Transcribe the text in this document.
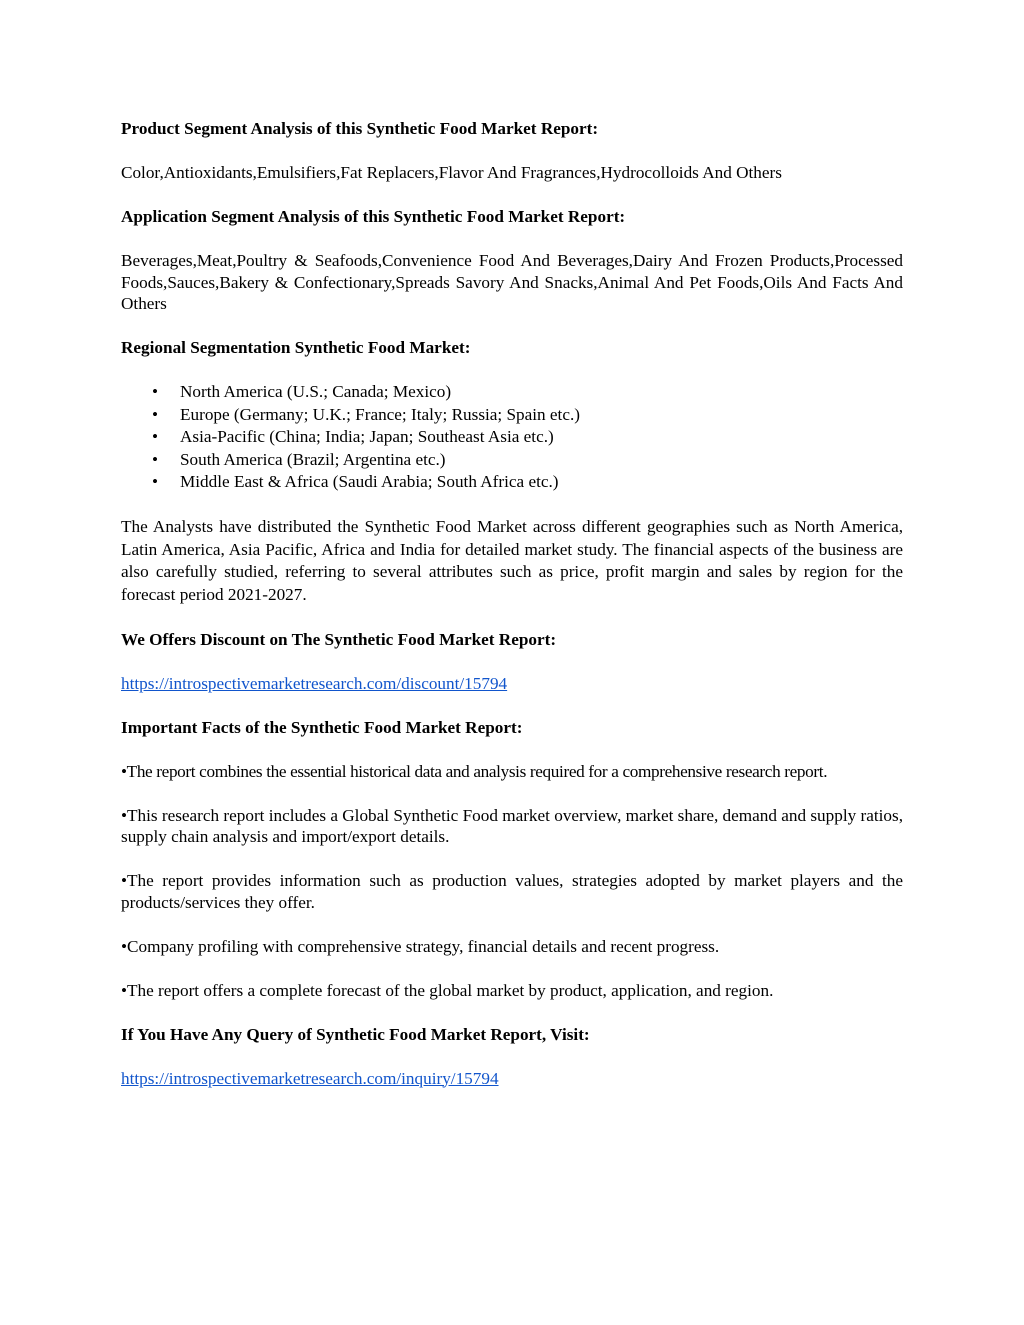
Product Segment Analysis of this Synthetic Food Market Report:

Color,Antioxidants,Emulsifiers,Fat Replacers,Flavor And Fragrances,Hydrocolloids And Others

Application Segment Analysis of this Synthetic Food Market Report:

Beverages,Meat,Poultry & Seafoods,Convenience Food And Beverages,Dairy And Frozen Products,Processed Foods,Sauces,Bakery & Confectionary,Spreads Savory And Snacks,Animal And Pet Foods,Oils And Facts And Others

Regional Segmentation Synthetic Food Market:

• North America (U.S.; Canada; Mexico)
• Europe (Germany; U.K.; France; Italy; Russia; Spain etc.)
• Asia-Pacific (China; India; Japan; Southeast Asia etc.)
• South America (Brazil; Argentina etc.)
• Middle East & Africa (Saudi Arabia; South Africa etc.)

The Analysts have distributed the Synthetic Food Market across different geographies such as North America, Latin America, Asia Pacific, Africa and India for detailed market study. The financial aspects of the business are also carefully studied, referring to several attributes such as price, profit margin and sales by region for the forecast period 2021-2027.

We Offers Discount on The Synthetic Food Market Report:

https://introspectivemarketresearch.com/discount/15794

Important Facts of the Synthetic Food Market Report:

•The report combines the essential historical data and analysis required for a comprehensive research report.

•This research report includes a Global Synthetic Food market overview, market share, demand and supply ratios, supply chain analysis and import/export details.

•The report provides information such as production values, strategies adopted by market players and the products/services they offer.

•Company profiling with comprehensive strategy, financial details and recent progress.

•The report offers a complete forecast of the global market by product, application, and region.

If You Have Any Query of Synthetic Food Market Report, Visit:

https://introspectivemarketresearch.com/inquiry/15794
